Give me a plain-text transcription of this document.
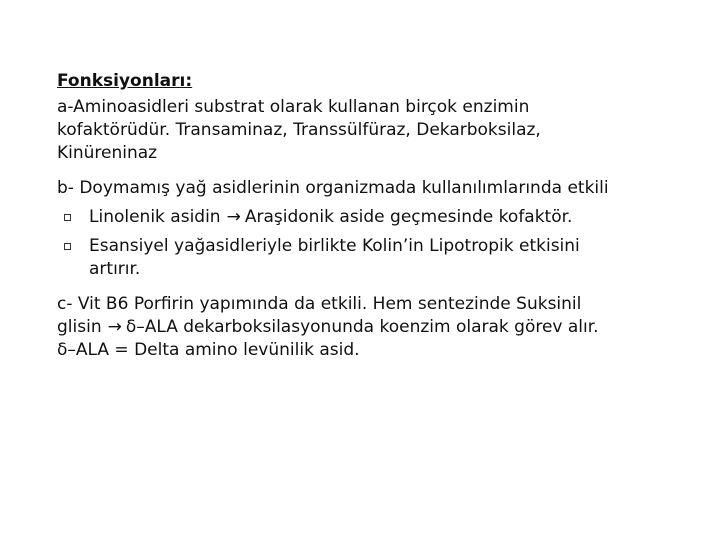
Fonksiyonları:
a-Aminoasidleri substrat olarak kullanan birçok enzimin
kofaktörüdür. Transaminaz, Transsülfüraz, Dekarboksilaz,
Kinüreninaz
b- Doymamış yağ asidlerinin organizmada kullanılımlarında etkili
Linolenik asidin → Araşidonik aside geçmesinde kofaktör.
Esansiyel yağasidleriyle birlikte Kolin’in Lipotropik etkisini
artırır.
c- Vit B6 Porfirin yapımında da etkili. Hem sentezinde Suksinil
glisin → δ–ALA dekarboksilasyonunda koenzim olarak görev alır.
δ–ALA = Delta amino levünilik asid.
